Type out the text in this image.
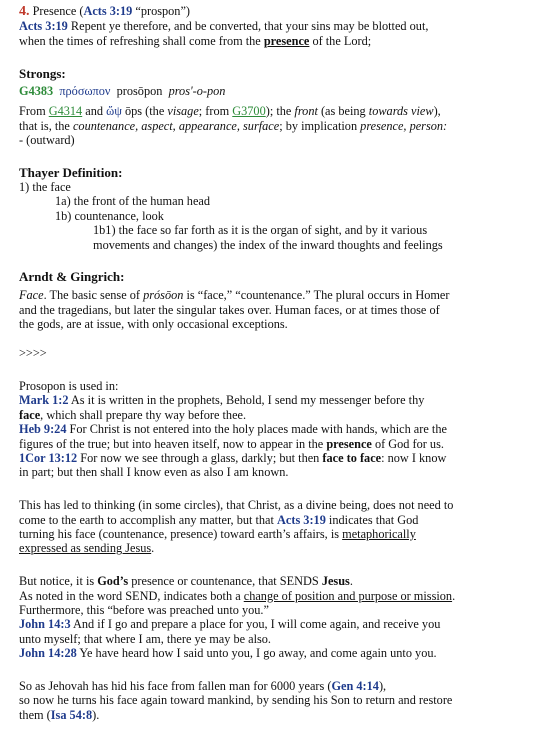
4. Presence (Acts 3:19 “prospon”)
Acts 3:19 Repent ye therefore, and be converted, that your sins may be blotted out,
when the times of refreshing shall come from the presence of the Lord;
Strongs:
G4383 πρόσωπον prosōpon pros'-o-pon
From G4314 and ὤψ ōps (the visage; from G3700); the front (as being towards view),
that is, the countenance, aspect, appearance, surface; by implication presence, person:
- (outward)
Thayer Definition:
1) the face
1a) the front of the human head
1b) countenance, look
1b1) the face so far forth as it is the organ of sight, and by it various
movements and changes) the index of the inward thoughts and feelings
Arndt & Gingrich:
Face. The basic sense of prósōon is “face,” “countenance.” The plural occurs in Homer
and the tragedians, but later the singular takes over. Human faces, or at times those of
the gods, are at issue, with only occasional exceptions.
>>>>
Prosopon is used in:
Mark 1:2 As it is written in the prophets, Behold, I send my messenger before thy
face, which shall prepare thy way before thee.
Heb 9:24 For Christ is not entered into the holy places made with hands, which are the
figures of the true; but into heaven itself, now to appear in the presence of God for us.
1Cor 13:12 For now we see through a glass, darkly; but then face to face: now I know
in part; but then shall I know even as also I am known.
This has led to thinking (in some circles), that Christ, as a divine being, does not need to
come to the earth to accomplish any matter, but that Acts 3:19 indicates that God
turning his face (countenance, presence) toward earth’s affairs, is metaphorically
expressed as sending Jesus.
But notice, it is God’s presence or countenance, that SENDS Jesus.
As noted in the word SEND, indicates both a change of position and purpose or mission.
Furthermore, this “before was preached unto you.”
John 14:3 And if I go and prepare a place for you, I will come again, and receive you
unto myself; that where I am, there ye may be also.
John 14:28 Ye have heard how I said unto you, I go away, and come again unto you.
So as Jehovah has hid his face from fallen man for 6000 years (Gen 4:14),
so now he turns his face again toward mankind, by sending his Son to return and restore
them (Isa 54:8).
